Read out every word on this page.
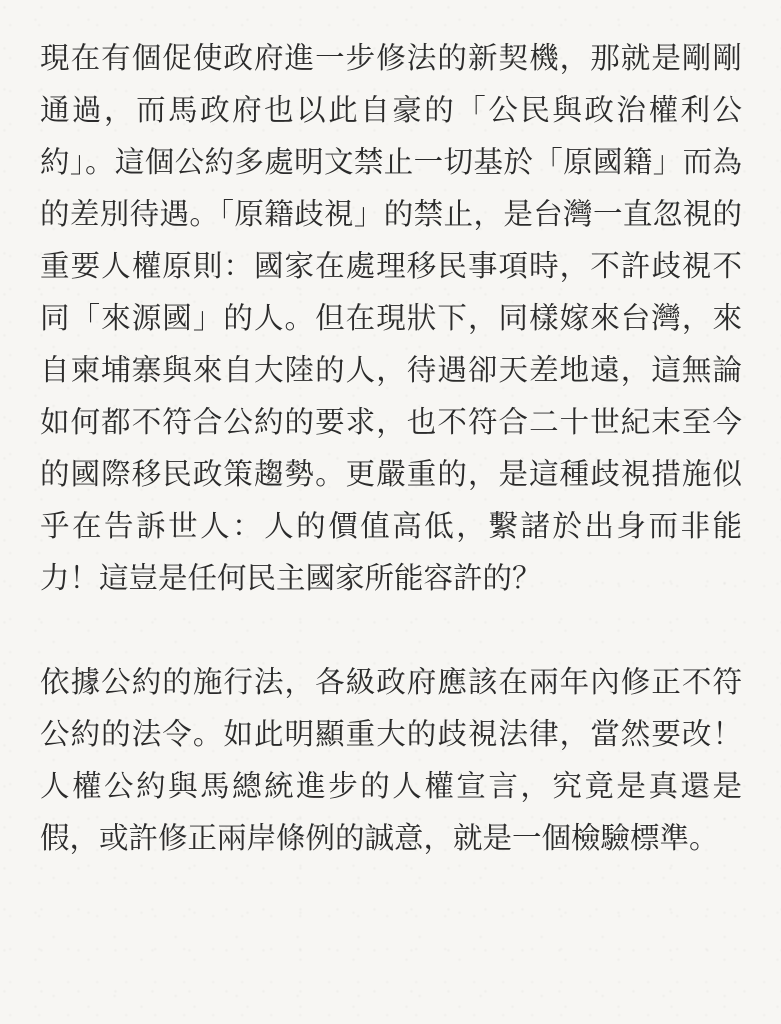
現在有個促使政府進一步修法的新契機，那就是剛剛通過，而馬政府也以此自豪的「公民與政治權利公約」。這個公約多處明文禁止一切基於「原國籍」而為的差別待遇。「原籍歧視」的禁止，是台灣一直忽視的重要人權原則：國家在處理移民事項時，不許歧視不同「來源國」的人。但在現狀下，同樣嫁來台灣，來自柬埔寨與來自大陸的人，待遇卻天差地遠，這無論如何都不符合公約的要求，也不符合二十世紀末至今的國際移民政策趨勢。更嚴重的，是這種歧視措施似乎在告訴世人：人的價值高低，繫諸於出身而非能力！這豈是任何民主國家所能容許的？

依據公約的施行法，各級政府應該在兩年內修正不符公約的法令。如此明顯重大的歧視法律，當然要改！人權公約與馬總統進步的人權宣言，究竟是真還是假，或許修正兩岸條例的誠意，就是一個檢驗標準。
